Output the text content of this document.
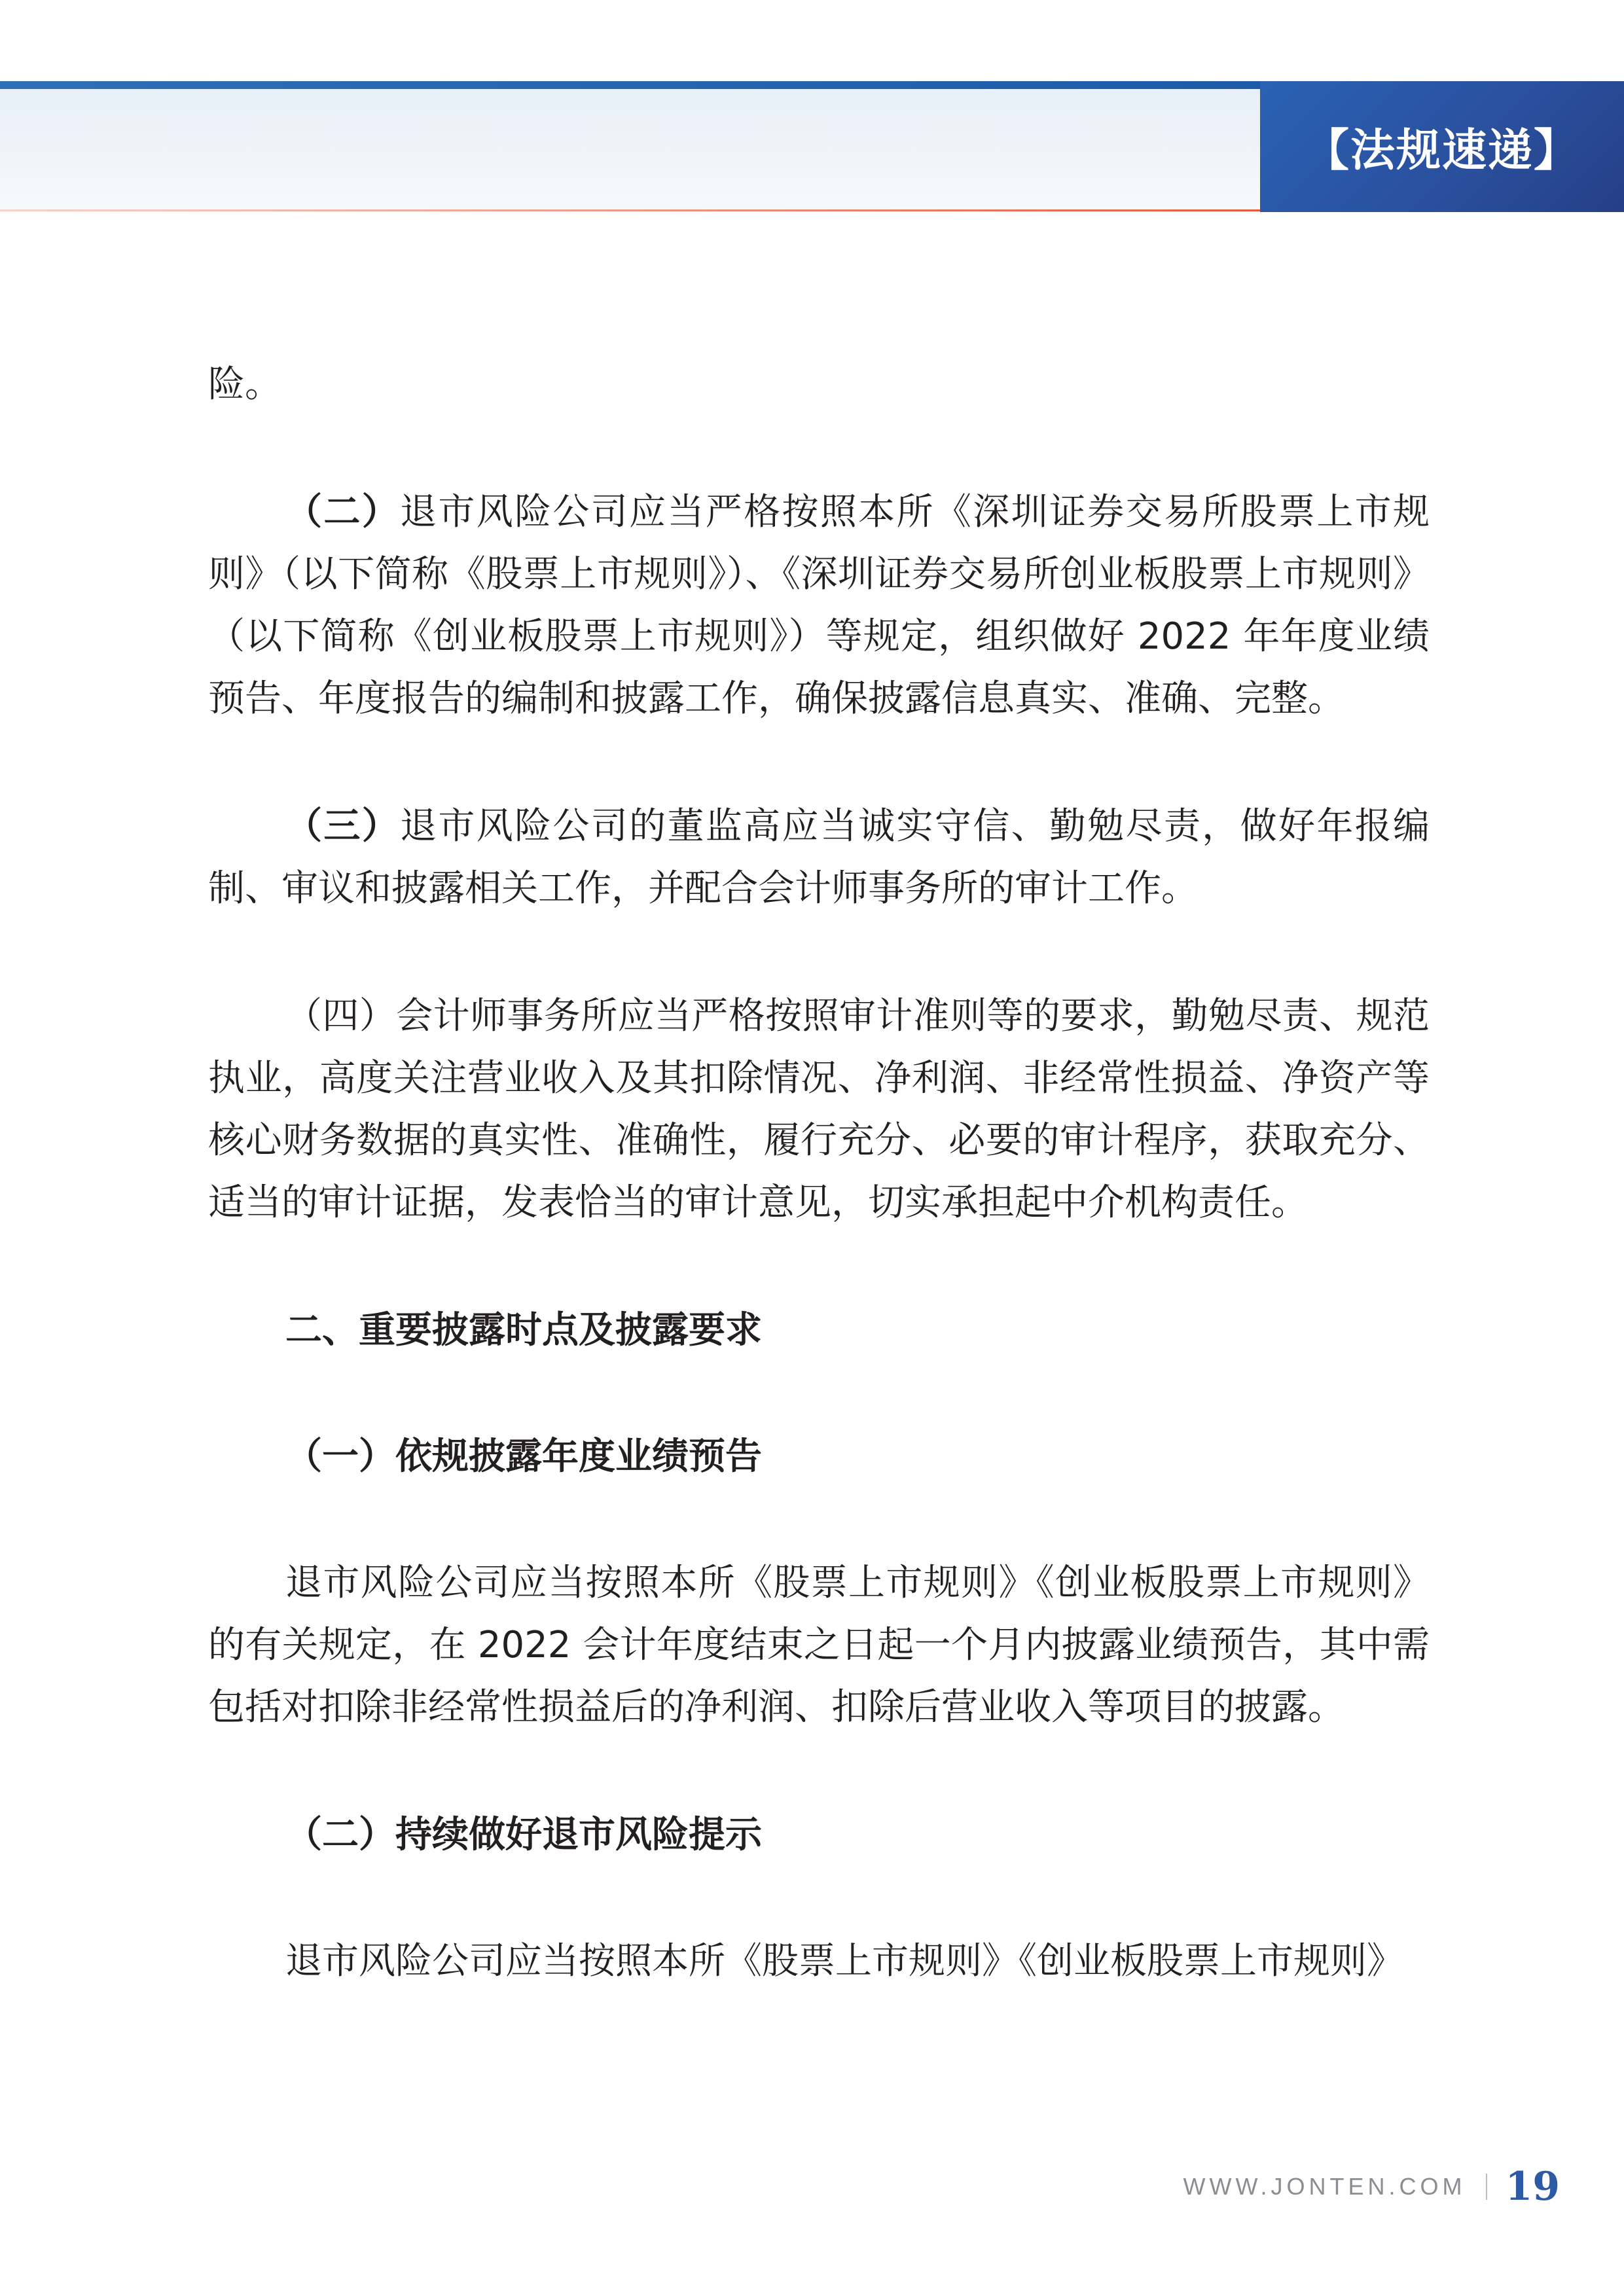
【法规速递】

险。

（二）退市风险公司应当严格按照本所《深圳证券交易所股票上市规则》（以下简称《股票上市规则》）、《深圳证券交易所创业板股票上市规则》（以下简称《创业板股票上市规则》）等规定，组织做好 2022 年年度业绩预告、年度报告的编制和披露工作，确保披露信息真实、准确、完整。

（三）退市风险公司的董监高应当诚实守信、勤勉尽责，做好年报编制、审议和披露相关工作，并配合会计师事务所的审计工作。

（四）会计师事务所应当严格按照审计准则等的要求，勤勉尽责、规范执业，高度关注营业收入及其扣除情况、净利润、非经常性损益、净资产等核心财务数据的真实性、准确性，履行充分、必要的审计程序，获取充分、适当的审计证据，发表恰当的审计意见，切实承担起中介机构责任。

二、重要披露时点及披露要求

（一）依规披露年度业绩预告

退市风险公司应当按照本所《股票上市规则》《创业板股票上市规则》的有关规定，在 2022 会计年度结束之日起一个月内披露业绩预告，其中需包括对扣除非经常性损益后的净利润、扣除后营业收入等项目的披露。

（二）持续做好退市风险提示

退市风险公司应当按照本所《股票上市规则》《创业板股票上市规则》

WWW.JONTEN.COM 19
